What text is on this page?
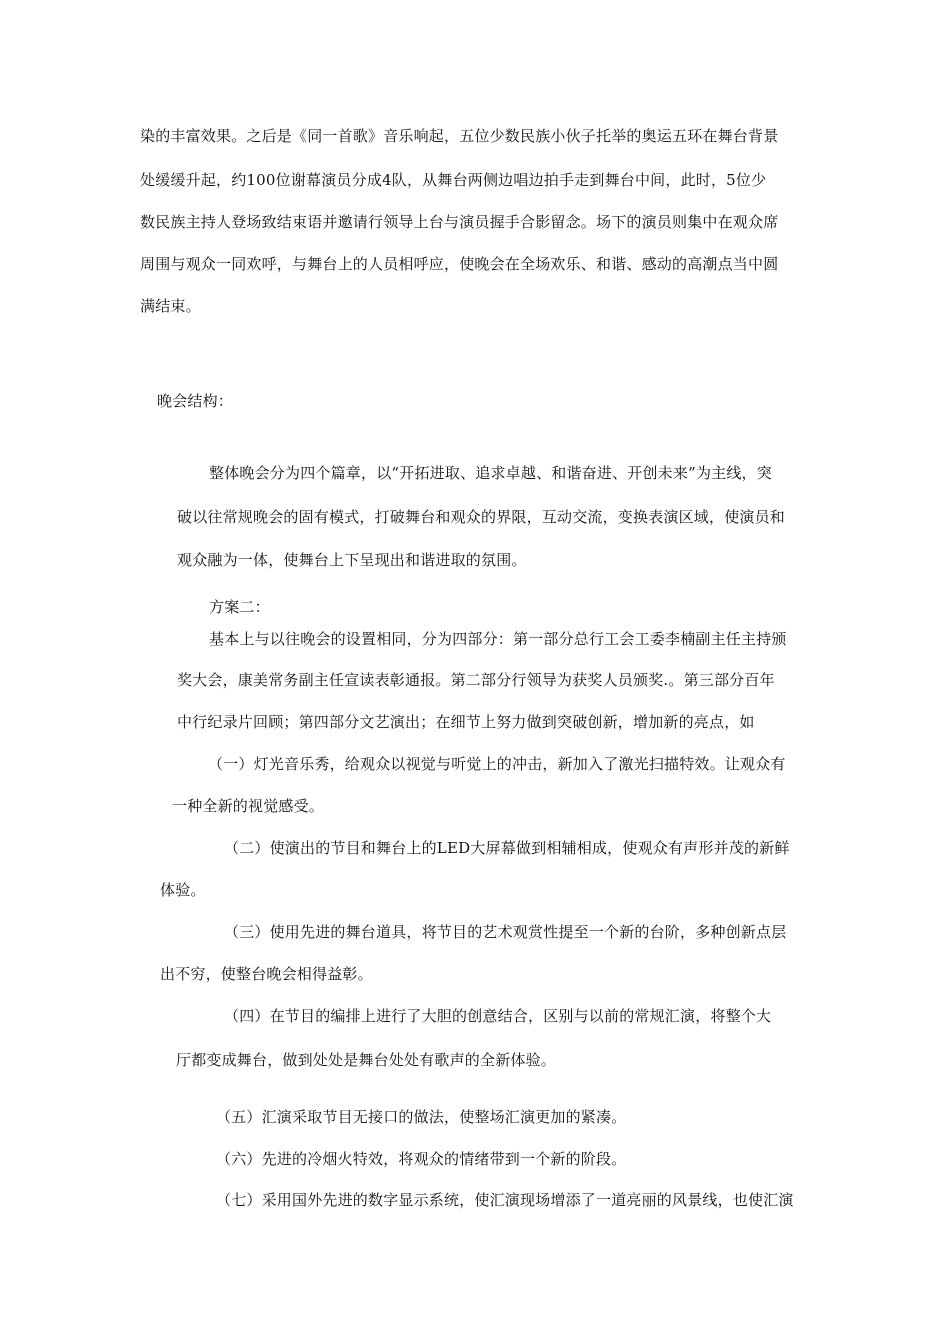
染的丰富效果。之后是《同一首歌》音乐响起，五位少数民族小伙子托举的奥运五环在舞台背景
处缓缓升起，约100位谢幕演员分成4队，从舞台两侧边唱边拍手走到舞台中间，此时，5位少
数民族主持人登场致结束语并邀请行领导上台与演员握手合影留念。场下的演员则集中在观众席
周围与观众一同欢呼，与舞台上的人员相呼应，使晚会在全场欢乐、和谐、感动的高潮点当中圆
满结束。
晚会结构：
整体晚会分为四个篇章，以“开拓进取、追求卓越、和谐奋进、开创未来”为主线，突
破以往常规晚会的固有模式，打破舞台和观众的界限，互动交流，变换表演区域，使演员和
观众融为一体，使舞台上下呈现出和谐进取的氛围。
方案二：
基本上与以往晚会的设置相同，分为四部分：第一部分总行工会工委李楠副主任主持颁
奖大会，康美常务副主任宣读表彰通报。第二部分行领导为获奖人员颁奖.。第三部分百年
中行纪录片回顾；第四部分文艺演出；在细节上努力做到突破创新，增加新的亮点，如
（一）灯光音乐秀，给观众以视觉与听觉上的冲击，新加入了激光扫描特效。让观众有
一种全新的视觉感受。
（二）使演出的节目和舞台上的LED大屏幕做到相辅相成，使观众有声形并茂的新鲜
体验。
（三）使用先进的舞台道具，将节目的艺术观赏性提至一个新的台阶，多种创新点层
出不穷，使整台晚会相得益彰。
（四）在节目的编排上进行了大胆的创意结合，区别与以前的常规汇演，将整个大
厅都变成舞台，做到处处是舞台处处有歌声的全新体验。
（五）汇演采取节目无接口的做法，使整场汇演更加的紧凑。
（六）先进的冷烟火特效，将观众的情绪带到一个新的阶段。
（七）采用国外先进的数字显示系统，使汇演现场增添了一道亮丽的风景线，也使汇演
